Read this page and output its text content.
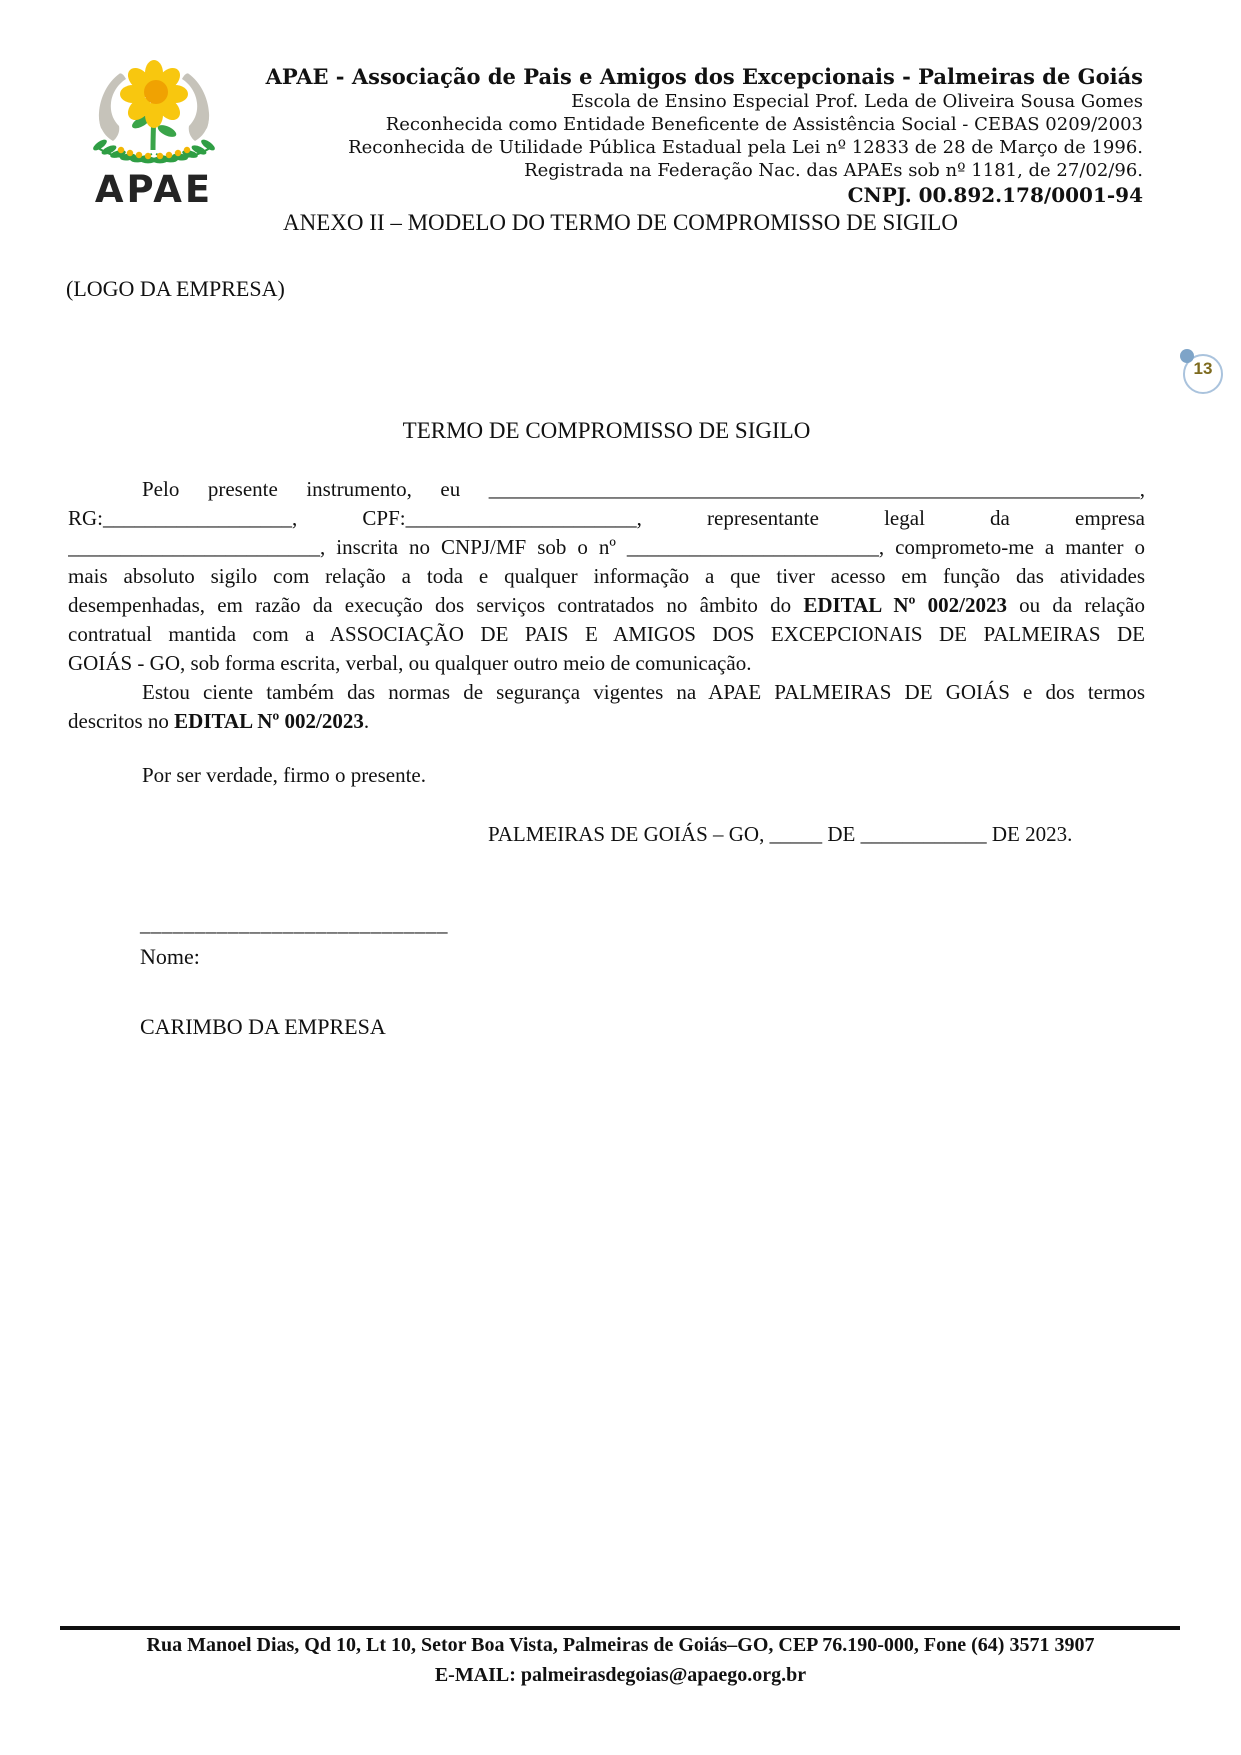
APAE
APAE - Associação de Pais e Amigos dos Excepcionais - Palmeiras de Goiás
Escola de Ensino Especial Prof. Leda de Oliveira Sousa Gomes
Reconhecida como Entidade Beneficente de Assistência Social - CEBAS 0209/2003
Reconhecida de Utilidade Pública Estadual pela Lei nº 12833 de 28 de Março de 1996.
Registrada na Federação Nac. das APAEs sob nº 1181, de 27/02/96.
CNPJ. 00.892.178/0001-94
ANEXO II – MODELO DO TERMO DE COMPROMISSO DE SIGILO
(LOGO DA EMPRESA)
13
TERMO DE COMPROMISSO DE SIGILO
Pelo presente instrumento, eu ______________________________________________________________,
RG:__________________, CPF:______________________, representante legal da empresa
________________________, inscrita no CNPJ/MF sob o nº ________________________, comprometo-me a manter o
mais absoluto sigilo com relação a toda e qualquer informação a que tiver acesso em função das atividades
desempenhadas, em razão da execução dos serviços contratados no âmbito do EDITAL Nº 002/2023 ou da relação
contratual mantida com a ASSOCIAÇÃO DE PAIS E AMIGOS DOS EXCEPCIONAIS DE PALMEIRAS DE
GOIÁS - GO, sob forma escrita, verbal, ou qualquer outro meio de comunicação.
Estou ciente também das normas de segurança vigentes na APAE PALMEIRAS DE GOIÁS e dos termos
descritos no EDITAL Nº 002/2023.
Por ser verdade, firmo o presente.
PALMEIRAS DE GOIÁS – GO, _____ DE ____________ DE 2023.
____________________________
Nome:
CARIMBO DA EMPRESA
Rua Manoel Dias, Qd 10, Lt 10, Setor Boa Vista, Palmeiras de Goiás–GO, CEP 76.190-000, Fone (64) 3571 3907
E-MAIL: palmeirasdegoias@apaego.org.br
